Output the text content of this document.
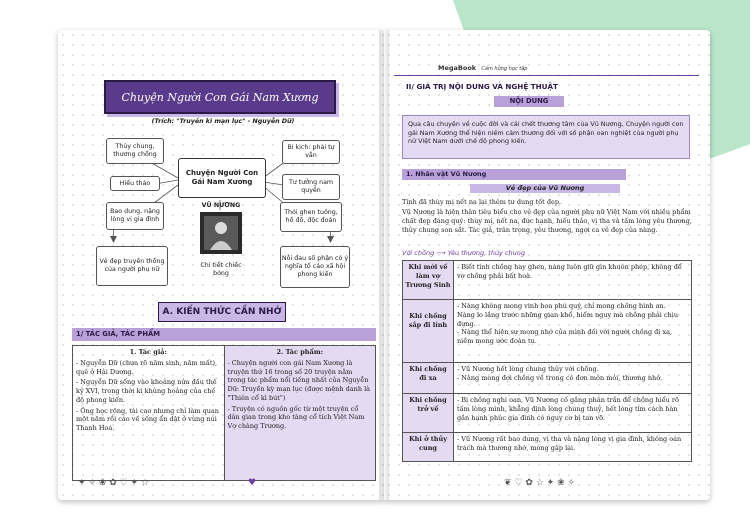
Chuyện Người Con Gái Nam Xương
(Trích: "Truyền kì mạn lục" - Nguyễn Dữ)
Thủy chung, thương chồng
Hiếu thảo
Bao dung, nặng lòng vị gia đình
Vẻ đẹp truyền thống của người phụ nữ
Chuyện Người Con Gái Nam Xương
VŨ NƯƠNG
Chi tiết chiếc bóng
Bi kịch: phải tự vẫn
Tư tưởng nam quyền
Thói ghen tuông, hồ đồ, độc đoán
Nỗi đau số phận có ý nghĩa tố cáo xã hội phong kiến
A. KIẾN THỨC CẦN NHỚ
1/ TÁC GIẢ, TÁC PHẨM
1. Tác giả:
- Nguyễn Dữ (chưa rõ năm sinh, năm mất), quê ở Hải Dương.
- Nguyễn Dữ sống vào khoảng nửa đầu thế kỷ XVI, trong thời kì khủng hoảng của chế độ phong kiến.
- Ông học rộng, tài cao nhưng chỉ làm quan một năm rồi cáo về sống ẩn dật ở vùng núi Thanh Hoá.

2. Tác phẩm:
- Chuyện người con gái Nam Xương là truyện thứ 16 trong số 20 truyện nằm trong tác phẩm nổi tiếng nhất của Nguyễn Dữ: Truyền kỳ mạn lục (được mệnh danh là "Thiên cổ kì bút")
- Truyện có nguồn gốc từ một truyện cổ dân gian trong kho tàng cổ tích Việt Nam Vợ chàng Trương.
✦ ✧ ❀ ✿ ♡ ✦ ☆	♥
MegaBook Cảm hứng học tập
II/ GIÁ TRỊ NỘI DUNG VÀ NGHỆ THUẬT
NỘI DUNG
Qua câu chuyện về cuộc đời và cái chết thương tâm của Vũ Nương, Chuyện người con gái Nam Xương thể hiện niềm cảm thương đối với số phận oan nghiệt của người phụ nữ Việt Nam dưới chế độ phong kiến.
1. Nhân vật Vũ Nương
Vẻ đẹp của Vũ Nương
Tính đã thùy mị nết na lại thêm tư dung tốt đẹp.
Vũ Nương là hiện thân tiêu biểu cho vẻ đẹp của người phụ nữ Việt Nam với nhiều phẩm chất đẹp đáng quý: thùy mị, nết na, đức hạnh, hiếu thảo, vị tha và tấm lòng yêu thương, thủy chung son sắt. Tác giả, trân trọng, yêu thương, ngợi ca vẻ đẹp của nàng.
Với chồng ⟶ Yêu thương, thủy chung
Khi mới về làm vợ Trương Sinh	- Biết tính chồng hay ghen, nàng luôn giữ gìn khuôn phép, không để vợ chồng phải bất hoà.

Khi chồng sắp đi lính	- Nàng không mong vinh hoa phú quý, chỉ mong chồng bình an.
Nàng lo lắng trước những gian khổ, hiểm nguy mà chồng phải chịu đựng.
- Nàng thể hiện sự mong nhớ của mình đối với người chồng đi xa, niềm mong ước đoàn tụ.

Khi chồng đi xa	- Vũ Nương hết lòng chung thủy với chồng.
- Nàng mong đợi chồng về trong cô đơn mòn mỏi, thương nhớ.

Khi chồng trở về	- Bị chồng nghi oan, Vũ Nương cố gắng phân trần để chồng hiểu rõ tấm lòng mình, khẳng định lòng chung thuỷ, hết lòng tìm cách hàn gắn hạnh phúc gia đình có nguy cơ bị tan vỡ.

Khi ở thủy cung	- Vũ Nương rất bao dung, vị tha và nặng lòng vị gia đình, không oán trách mà thương nhớ, mong gặp lại.
❦ ♡ ✿ ☆ ✦ ❀ ✧
